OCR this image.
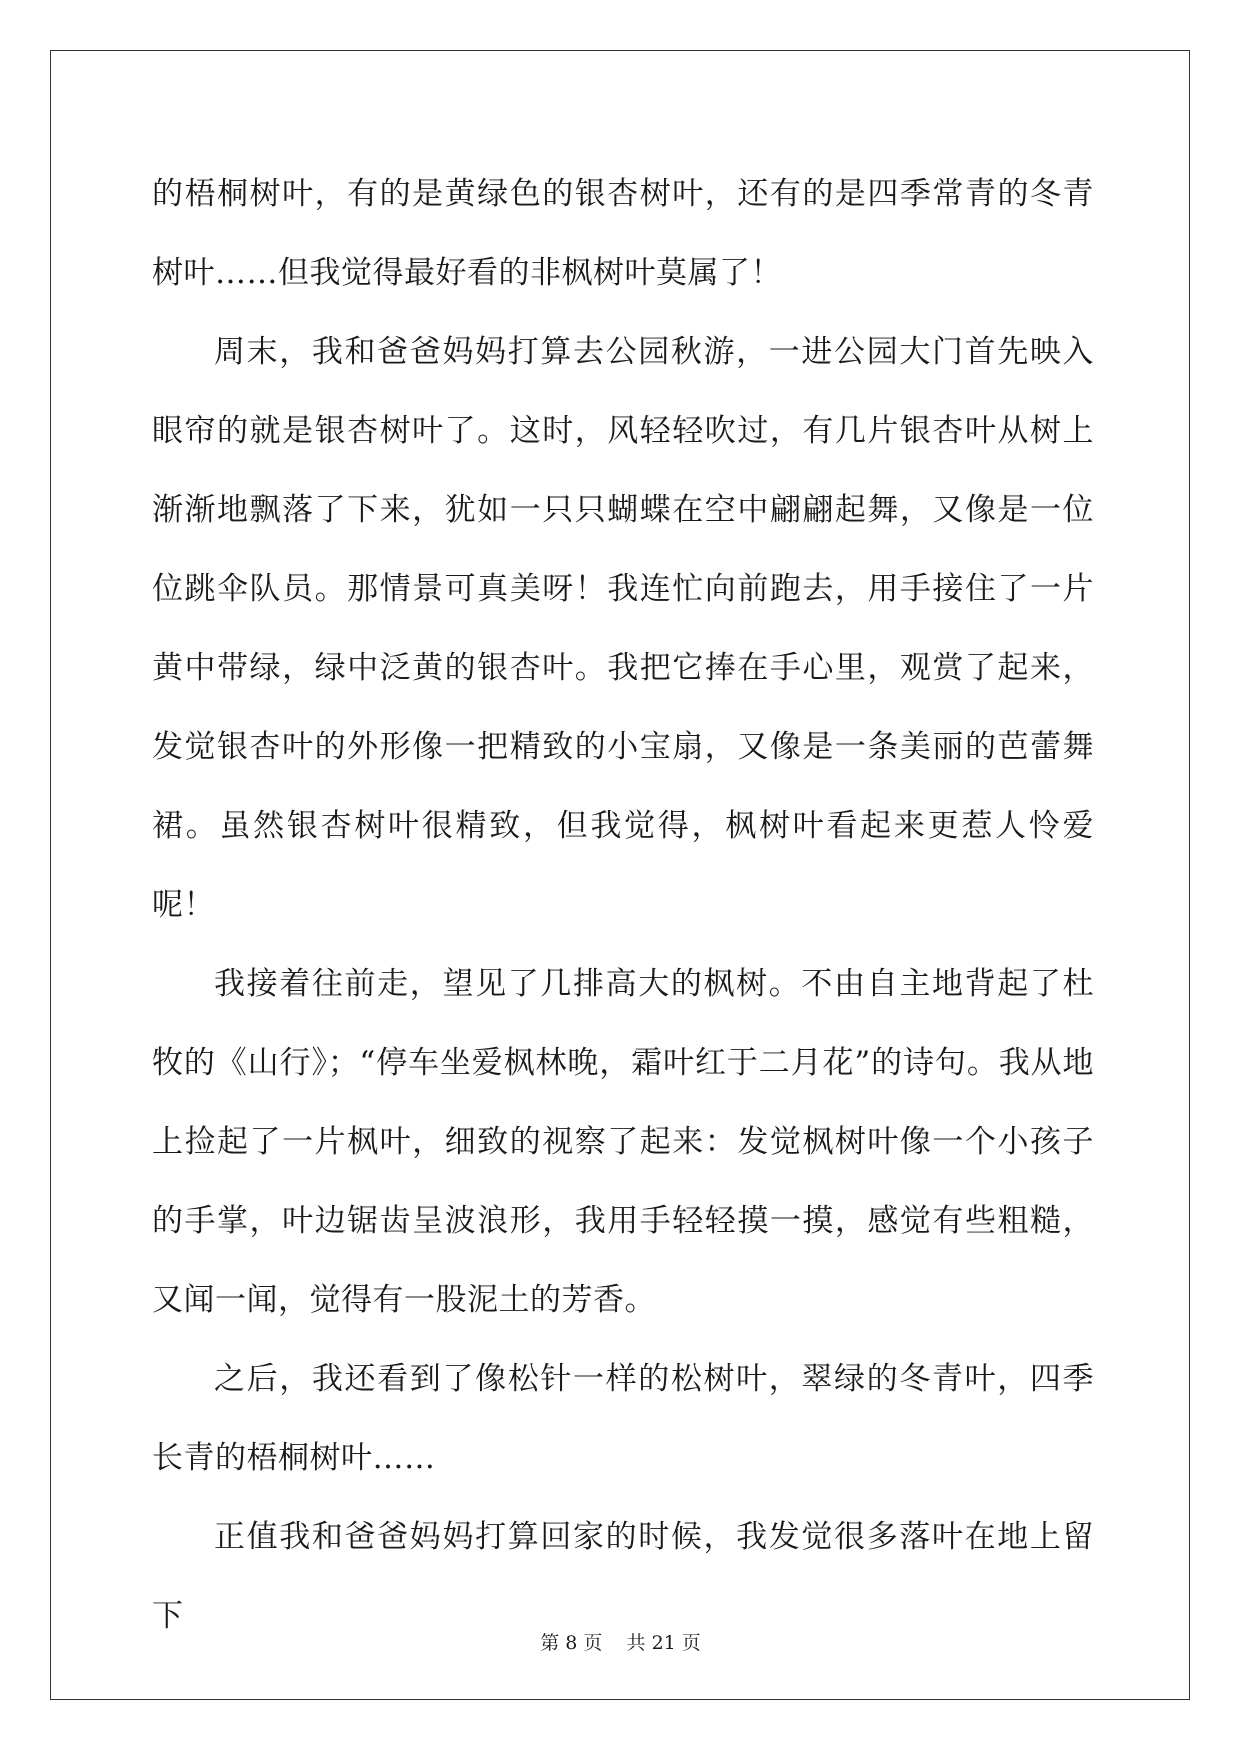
的梧桐树叶，有的是黄绿色的银杏树叶，还有的是四季常青的冬青树叶……但我觉得最好看的非枫树叶莫属了！

周末，我和爸爸妈妈打算去公园秋游，一进公园大门首先映入眼帘的就是银杏树叶了。这时，风轻轻吹过，有几片银杏叶从树上渐渐地飘落了下来，犹如一只只蝴蝶在空中翩翩起舞，又像是一位位跳伞队员。那情景可真美呀！我连忙向前跑去，用手接住了一片黄中带绿，绿中泛黄的银杏叶。我把它捧在手心里，观赏了起来，发觉银杏叶的外形像一把精致的小宝扇，又像是一条美丽的芭蕾舞裙。虽然银杏树叶很精致，但我觉得，枫树叶看起来更惹人怜爱呢！

我接着往前走，望见了几排高大的枫树。不由自主地背起了杜牧的《山行》；“停车坐爱枫林晚，霜叶红于二月花”的诗句。我从地上捡起了一片枫叶，细致的视察了起来：发觉枫树叶像一个小孩子的手掌，叶边锯齿呈波浪形，我用手轻轻摸一摸，感觉有些粗糙，又闻一闻，觉得有一股泥土的芳香。

之后，我还看到了像松针一样的松树叶，翠绿的冬青叶，四季长青的梧桐树叶……

正值我和爸爸妈妈打算回家的时候，我发觉很多落叶在地上留下

第 8 页 共 21 页
